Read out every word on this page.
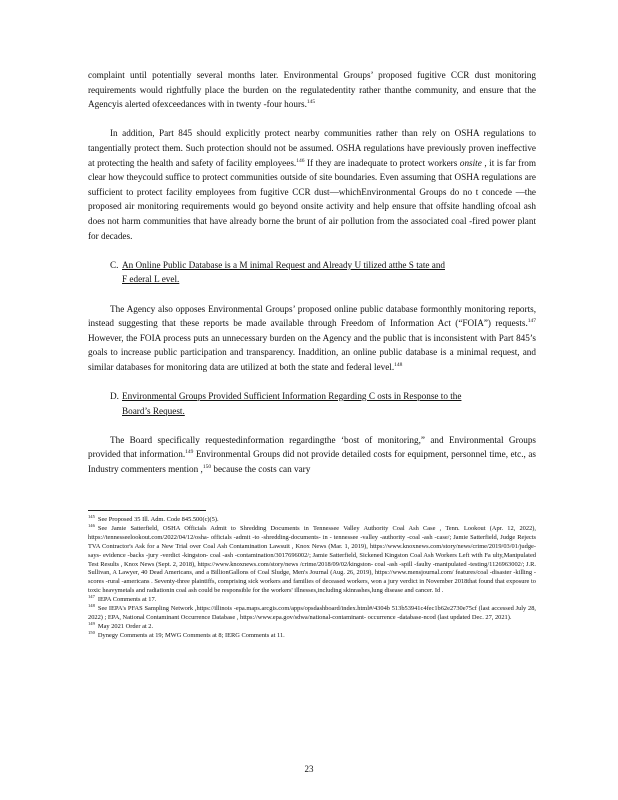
complaint until potentially several months later. Environmental Groups’ proposed fugitive CCR dust monitoring requirements would rightfully place the burden on the regulatedentity rather thanthe community, and ensure that the Agencyis alerted ofexceedances with in twenty -four hours.$^{145}$

In addition, Part 845 should explicitly protect nearby communities rather than rely on OSHA regulations to tangentially protect them. Such protection should not be assumed. OSHA regulations have previously proven ineffective at protecting the health and safety of facility employees.$^{146}$ If they are inadequate to protect workers onsite , it is far from clear how theycould suffice to protect communities outside of site boundaries. Even assuming that OSHA regulations are sufficient to protect facility employees from fugitive CCR dust—whichEnvironmental Groups do no t concede —the proposed air monitoring requirements would go beyond onsite activity and help ensure that offsite handling ofcoal ash does not harm communities that have already borne the brunt of air pollution from the associated coal -fired power plant for decades.

C. An Online Public Database is a M inimal Request and Already U tilized atthe S tate and
F ederal L evel.

The Agency also opposes Environmental Groups’ proposed online public database formonthly monitoring reports, instead suggesting that these reports be made available through Freedom of Information Act (“FOIA”) requests.$^{147}$ However, the FOIA process puts an unnecessary burden on the Agency and the public that is inconsistent with Part 845’s goals to increase public participation and transparency. Inaddition, an online public database is a minimal request, and similar databases for monitoring data are utilized at both the state and federal level.$^{148}$

D. Environmental Groups Provided Sufficient Information Regarding C osts in Response to the
Board’s Request.

The Board specifically requestedinformation regardingthe ‘bost of monitoring,” and Environmental Groups provided that information.$^{149}$ Environmental Groups did not provide detailed costs for equipment, personnel time, etc., as Industry commenters mention ,$^{150}$ because the costs can vary

$^{145}$ See Proposed 35 Ill. Adm. Code 845.500(c)(5).

$^{146}$ See Jamie Satterfield, OSHA Officials Admit to Shredding Documents in Tennessee Valley Authority Coal Ash Case , Tenn. Lookout (Apr. 12, 2022), https://tennesseelookout.com/2022/04/12/osha- officials -admit -to -shredding-documents- in - tennessee -valley -authority -coal -ash -case/; Jamie Satterfield, Judge Rejects TVA Contractor's Ask for a New Trial over Coal Ash Contamination Lawsuit , Knox News (Mar. 1, 2019), https://www.knoxnews.com/story/news/crime/2019/03/01/judge- says- evidence -backs -jury -verdict -kingston- coal -ash -contamination/3017696002/; Jamie Satterfield, Sickened Kingston Coal Ash Workers Left with Fa ulty,Manipulated Test Results , Knox News (Sept. 2, 2018), https://www.knoxnews.com/story/news /crime/2018/09/02/kingston- coal -ash -spill -faulty -manipulated -testing/1126963002/; J.R. Sullivan, A Lawyer, 40 Dead Americans, and a BillionGallons of Coal Sludge, Men's Journal (Aug. 26, 2019), https://www.mensjournal.com/ features/coal -disaster -killing -scores -rural -americans . Seventy-three plaintiffs, comprising sick workers and families of deceased workers, won a jury verdict in November 2018that found that exposure to toxic heavymetals and radiationin coal ash could be responsible for the workers' illnesses,including skinrashes,lung disease and cancer. Id .

$^{147}$ IEPA Comments at 17.

$^{148}$ See IEPA's PFAS Sampling Network ,https://illinois -epa.maps.arcgis.com/apps/opsdashboard/index.html#/4304b 513b53941c4fec1b62e2730e75cf (last accessed July 28, 2022) ; EPA, National Contaminant Occurrence Database , https://www.epa.gov/sdwa/national-contaminant- occurrence -database-ncod (last updated Dec. 27, 2021).

$^{149}$ May 2021 Order at 2.

$^{150}$ Dynegy Comments at 19; MWG Comments at 8; IERG Comments at 11.

23
